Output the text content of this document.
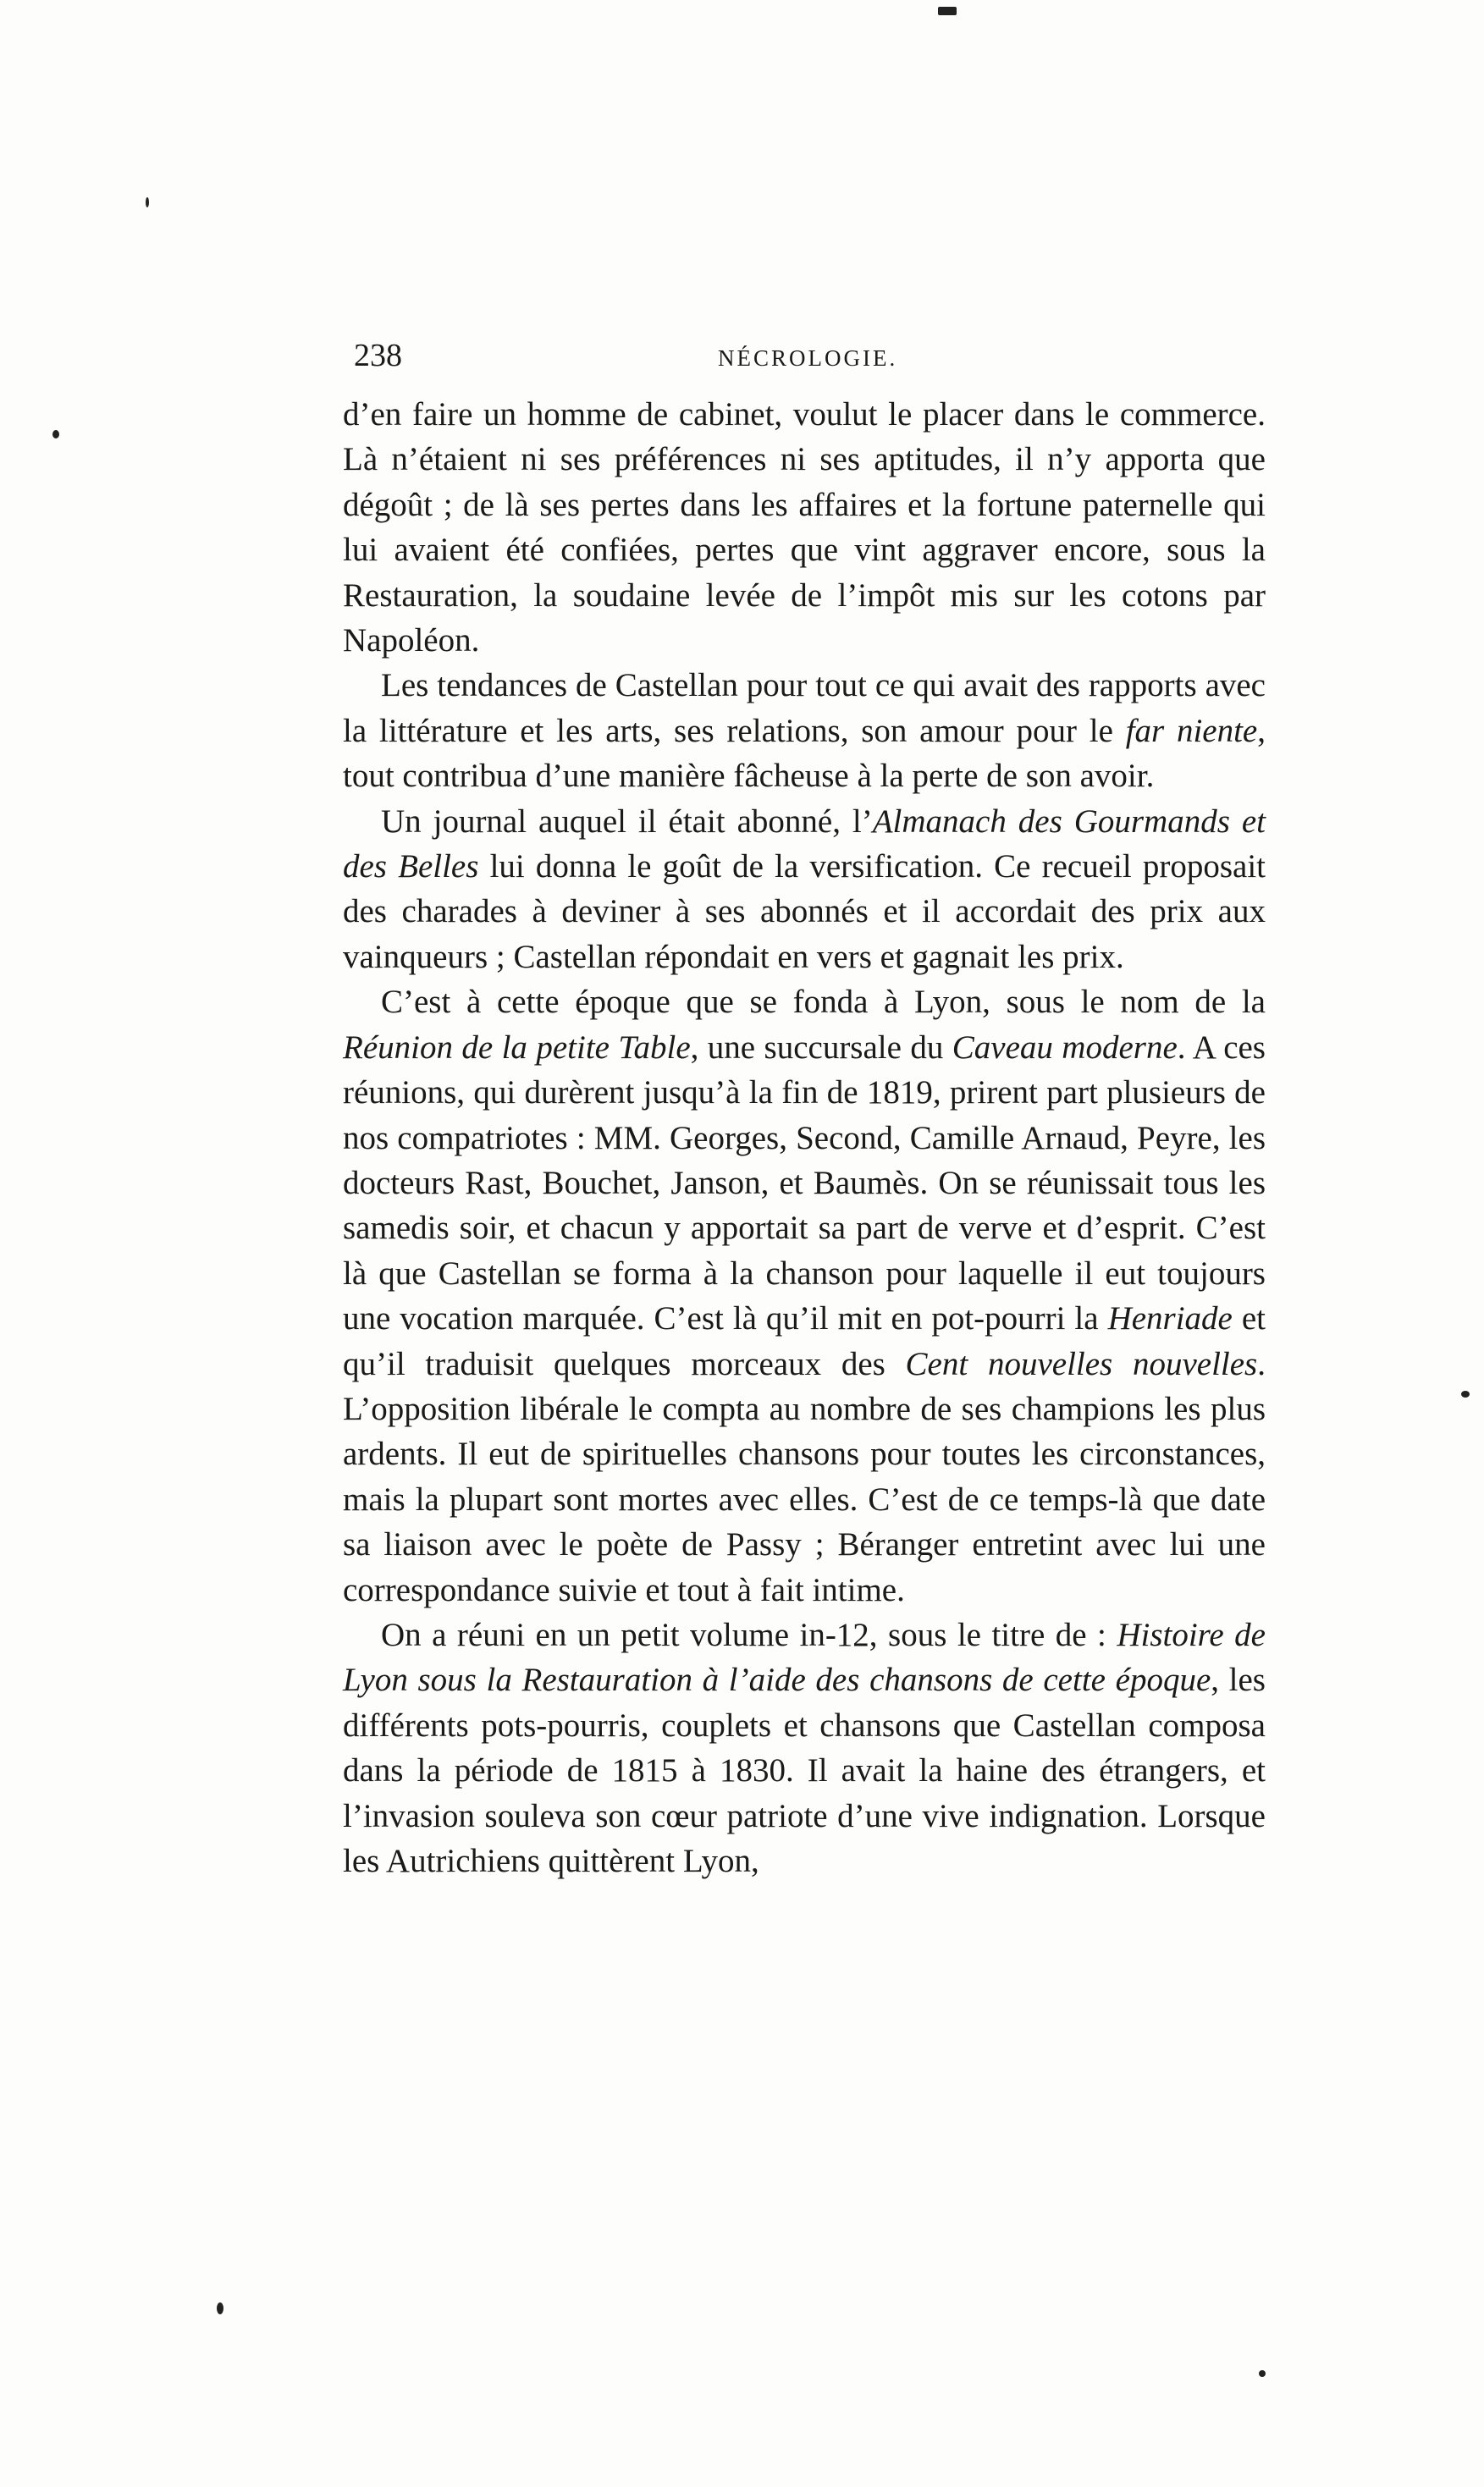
238	NÉCROLOGIE.

d’en faire un homme de cabinet, voulut le placer dans le commerce. Là n’étaient ni ses préférences ni ses aptitudes, il n’y apporta que dégoût ; de là ses pertes dans les affaires et la fortune paternelle qui lui avaient été confiées, pertes que vint aggraver encore, sous la Restauration, la soudaine levée de l’impôt mis sur les cotons par Napoléon.

Les tendances de Castellan pour tout ce qui avait des rapports avec la littérature et les arts, ses relations, son amour pour le far niente, tout contribua d’une manière fâcheuse à la perte de son avoir.

Un journal auquel il était abonné, l’Almanach des Gourmands et des Belles lui donna le goût de la versification. Ce recueil proposait des charades à deviner à ses abonnés et il accordait des prix aux vainqueurs ; Castellan répondait en vers et gagnait les prix.

C’est à cette époque que se fonda à Lyon, sous le nom de la Réunion de la petite Table, une succursale du Caveau moderne. A ces réunions, qui durèrent jusqu’à la fin de 1819, prirent part plusieurs de nos compatriotes : MM. Georges, Second, Camille Arnaud, Peyre, les docteurs Rast, Bouchet, Janson, et Baumès. On se réunissait tous les samedis soir, et chacun y apportait sa part de verve et d’esprit. C’est là que Castellan se forma à la chanson pour laquelle il eut toujours une vocation marquée. C’est là qu’il mit en pot-pourri la Henriade et qu’il traduisit quelques morceaux des Cent nouvelles nouvelles. L’opposition libérale le compta au nombre de ses champions les plus ardents. Il eut de spirituelles chansons pour toutes les circonstances, mais la plupart sont mortes avec elles. C’est de ce temps-là que date sa liaison avec le poète de Passy ; Béranger entretint avec lui une correspondance suivie et tout à fait intime.

On a réuni en un petit volume in-12, sous le titre de : Histoire de Lyon sous la Restauration à l’aide des chansons de cette époque, les différents pots-pourris, couplets et chansons que Castellan composa dans la période de 1815 à 1830. Il avait la haine des étrangers, et l’invasion souleva son cœur patriote d’une vive indignation. Lorsque les Autrichiens quittèrent Lyon,
